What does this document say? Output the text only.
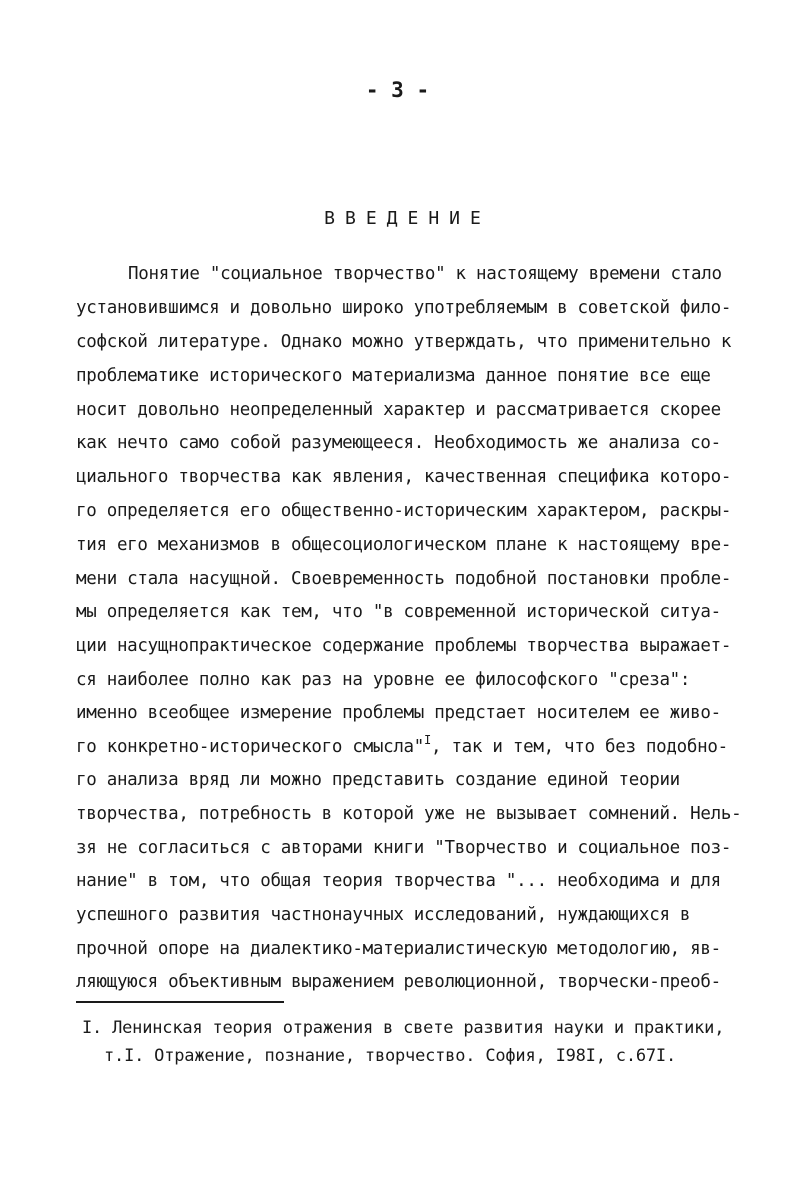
- 3 -
ВВЕДЕНИЕ
Понятие "социальное творчество" к настоящему времени стало
установившимся и довольно широко употребляемым в советской фило-
софской литературе. Однако можно утверждать, что применительно к
проблематике исторического материализма данное понятие все еще
носит довольно неопределенный характер и рассматривается скорее
как нечто само собой разумеющееся. Необходимость же анализа со-
циального творчества как явления, качественная специфика которо-
го определяется его общественно-историческим характером, раскры-
тия его механизмов в общесоциологическом плане к настоящему вре-
мени стала насущной. Своевременность подобной постановки пробле-
мы определяется как тем, что "в современной исторической ситуа-
ции насущнопрактическое содержание проблемы творчества выражает-
ся наиболее полно как раз на уровне ее философского "среза":
именно всеобщее измерение проблемы предстает носителем ее живо-
го конкретно-исторического смысла"$^I$, так и тем, что без подобно-
го анализа вряд ли можно представить создание единой теории
творчества, потребность в которой уже не вызывает сомнений. Нель-
зя не согласиться с авторами книги "Творчество и социальное поз-
нание" в том, что общая теория творчества "... необходима и для
успешного развития частнонаучных исследований, нуждающихся в
прочной опоре на диалектико-материалистическую методологию, яв-
ляющуюся объективным выражением революционной, творчески-преоб-
I. Ленинская теория отражения в свете развития науки и практики,
т.I. Отражение, познание, творчество. София, I98I, с.67I.
